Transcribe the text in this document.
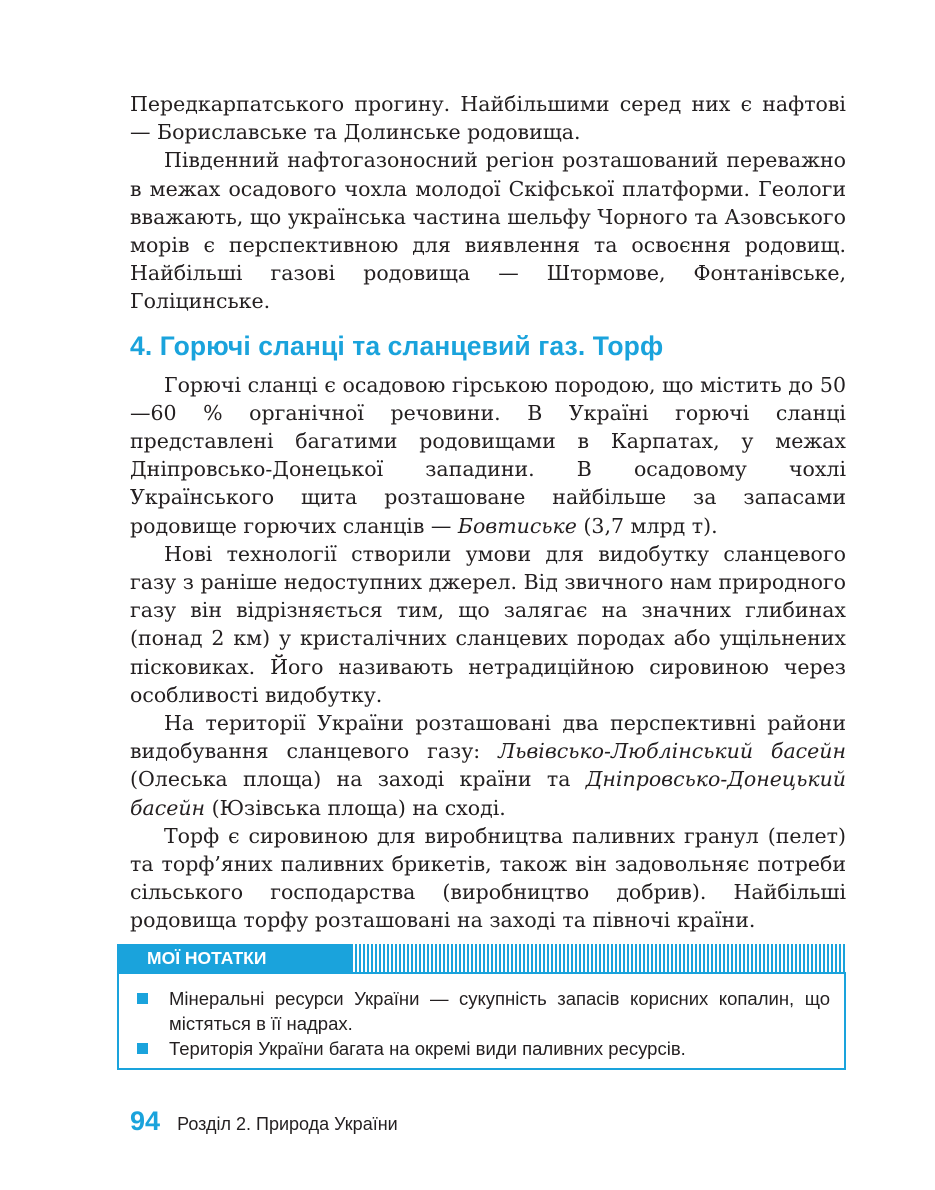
Передкарпатського прогину. Найбільшими серед них є нафтові — Бориславське та Долинське родовища.

Південний нафтогазоносний регіон розташований переважно в межах осадового чохла молодої Скіфської платформи. Геологи вважають, що українська частина шельфу Чорного та Азовського морів є перспективною для виявлення та освоєння родовищ. Найбільші газові родовища — Штормове, Фонтанівське, Голіцинське.

4. Горючі сланці та сланцевий газ. Торф

Горючі сланці є осадовою гірською породою, що містить до 50—60 % органічної речовини. В Україні горючі сланці представлені багатими родовищами в Карпатах, у межах Дніпровсько-Донецької западини. В осадовому чохлі Українського щита розташоване найбільше за запасами родовище горючих сланців — Бовтиське (3,7 млрд т).

Нові технології створили умови для видобутку сланцевого газу з раніше недоступних джерел. Від звичного нам природного газу він відрізняється тим, що залягає на значних глибинах (понад 2 км) у кристалічних сланцевих породах або ущільнених пісковиках. Його називають нетрадиційною сировиною через особливості видобутку.

На території України розташовані два перспективні райони видобування сланцевого газу: Львівсько-Люблінський басейн (Олеська площа) на заході країни та Дніпровсько-Донецький басейн (Юзівська площа) на сході.

Торф є сировиною для виробництва паливних гранул (пелет) та торф’яних паливних брикетів, також він задовольняє потреби сільського господарства (виробництво добрив). Найбільші родовища торфу розташовані на заході та півночі країни.

МОЇ НОТАТКИ
Мінеральні ресурси України — сукупність запасів корисних копалин, що містяться в її надрах.
Територія України багата на окремі види паливних ресурсів.
94 Розділ 2. Природа України
